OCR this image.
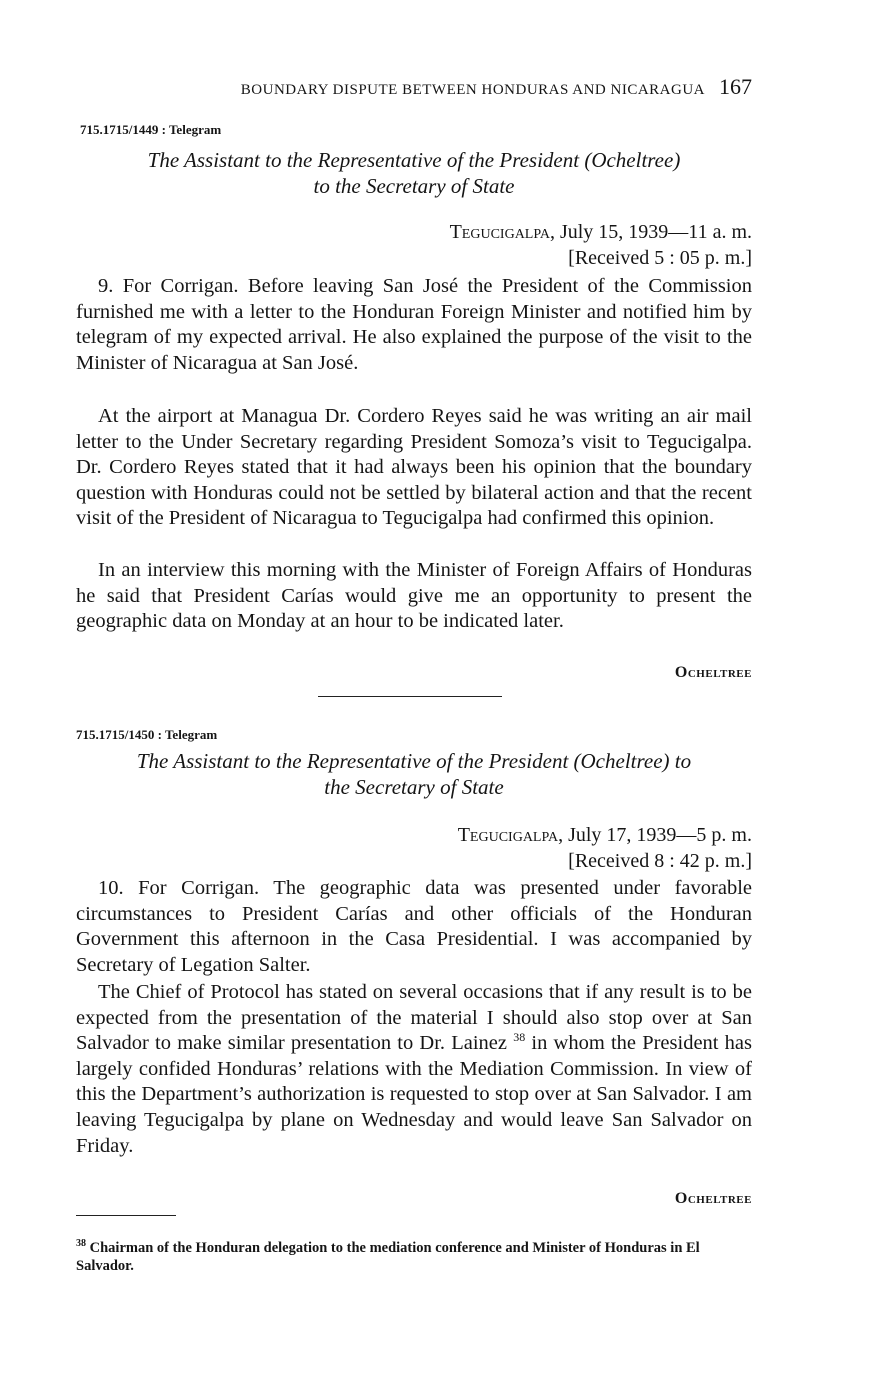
BOUNDARY DISPUTE BETWEEN HONDURAS AND NICARAGUA 167
715.1715/1449 : Telegram
The Assistant to the Representative of the President (Ocheltree)
to the Secretary of State
Tegucigalpa, July 15, 1939—11 a. m.
[Received 5 : 05 p. m.]

9. For Corrigan. Before leaving San José the President of the Commission furnished me with a letter to the Honduran Foreign Minister and notified him by telegram of my expected arrival. He also explained the purpose of the visit to the Minister of Nicaragua at San José.

At the airport at Managua Dr. Cordero Reyes said he was writing an air mail letter to the Under Secretary regarding President Somoza’s visit to Tegucigalpa. Dr. Cordero Reyes stated that it had always been his opinion that the boundary question with Honduras could not be settled by bilateral action and that the recent visit of the President of Nicaragua to Tegucigalpa had confirmed this opinion.

In an interview this morning with the Minister of Foreign Affairs of Honduras he said that President Carías would give me an opportunity to present the geographic data on Monday at an hour to be indicated later.

Ocheltree
715.1715/1450 : Telegram
The Assistant to the Representative of the President (Ocheltree) to
the Secretary of State
Tegucigalpa, July 17, 1939—5 p. m.
[Received 8 : 42 p. m.]

10. For Corrigan. The geographic data was presented under favorable circumstances to President Carías and other officials of the Honduran Government this afternoon in the Casa Presidential. I was accompanied by Secretary of Legation Salter.

The Chief of Protocol has stated on several occasions that if any result is to be expected from the presentation of the material I should also stop over at San Salvador to make similar presentation to Dr. Lainez $^{38}$ in whom the President has largely confided Honduras’ relations with the Mediation Commission. In view of this the Department’s authorization is requested to stop over at San Salvador. I am leaving Tegucigalpa by plane on Wednesday and would leave San Salvador on Friday.

Ocheltree
$^{38}$ Chairman of the Honduran delegation to the mediation conference and Minister of Honduras in El Salvador.
